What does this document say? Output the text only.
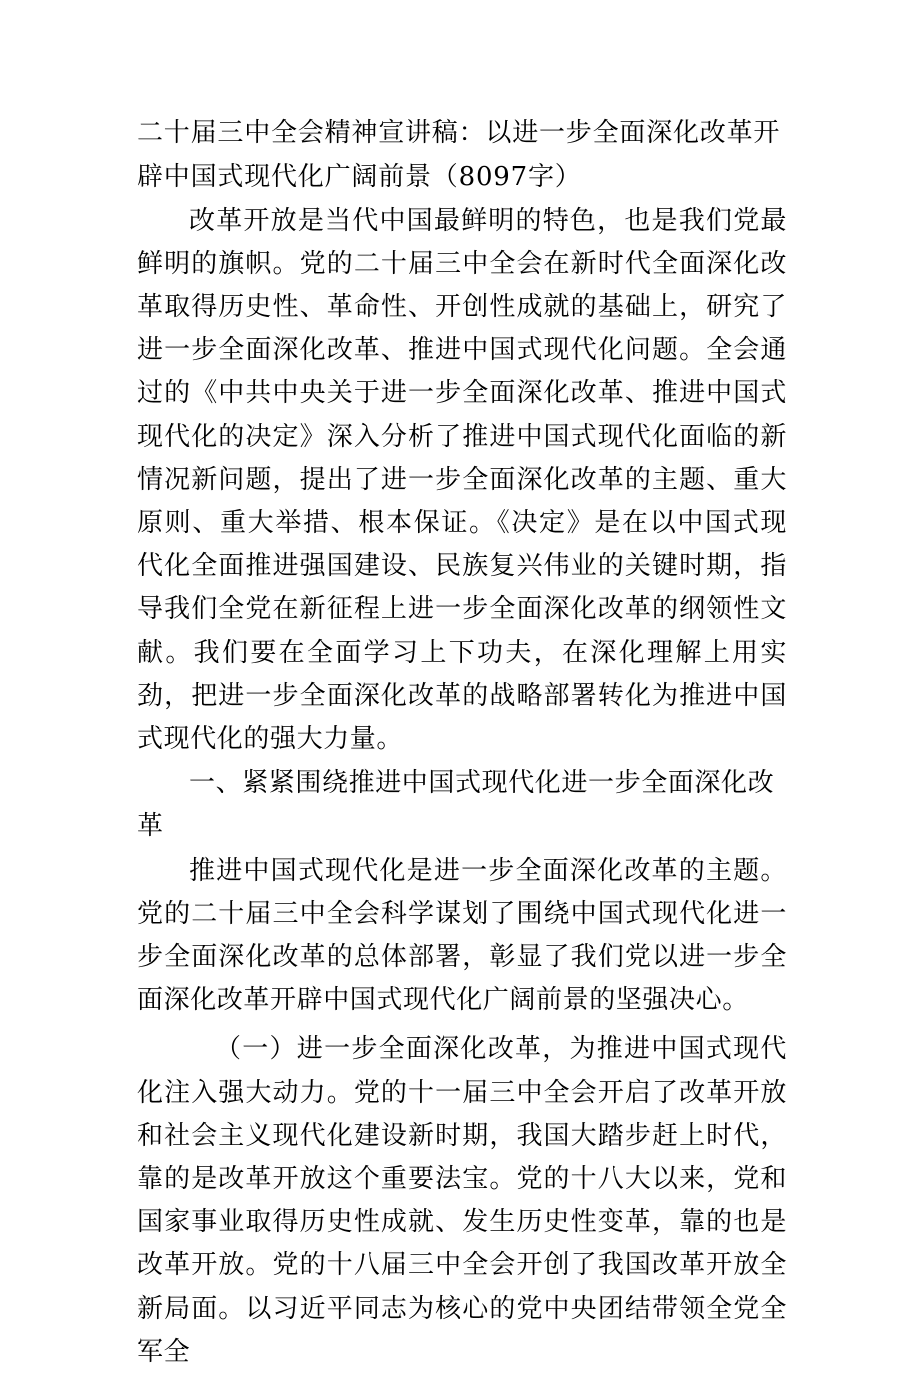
二十届三中全会精神宣讲稿：以进一步全面深化改革开辟中国式现代化广阔前景（8097字）

改革开放是当代中国最鲜明的特色，也是我们党最鲜明的旗帜。党的二十届三中全会在新时代全面深化改革取得历史性、革命性、开创性成就的基础上，研究了进一步全面深化改革、推进中国式现代化问题。全会通过的《中共中央关于进一步全面深化改革、推进中国式现代化的决定》深入分析了推进中国式现代化面临的新情况新问题，提出了进一步全面深化改革的主题、重大原则、重大举措、根本保证。《决定》是在以中国式现代化全面推进强国建设、民族复兴伟业的关键时期，指导我们全党在新征程上进一步全面深化改革的纲领性文献。我们要在全面学习上下功夫，在深化理解上用实劲，把进一步全面深化改革的战略部署转化为推进中国式现代化的强大力量。

一、紧紧围绕推进中国式现代化进一步全面深化改革

推进中国式现代化是进一步全面深化改革的主题。党的二十届三中全会科学谋划了围绕中国式现代化进一步全面深化改革的总体部署，彰显了我们党以进一步全面深化改革开辟中国式现代化广阔前景的坚强决心。

（一）进一步全面深化改革，为推进中国式现代化注入强大动力。党的十一届三中全会开启了改革开放和社会主义现代化建设新时期，我国大踏步赶上时代，靠的是改革开放这个重要法宝。党的十八大以来，党和国家事业取得历史性成就、发生历史性变革，靠的也是改革开放。党的十八届三中全会开创了我国改革开放全新局面。以习近平同志为核心的党中央团结带领全党全军全
